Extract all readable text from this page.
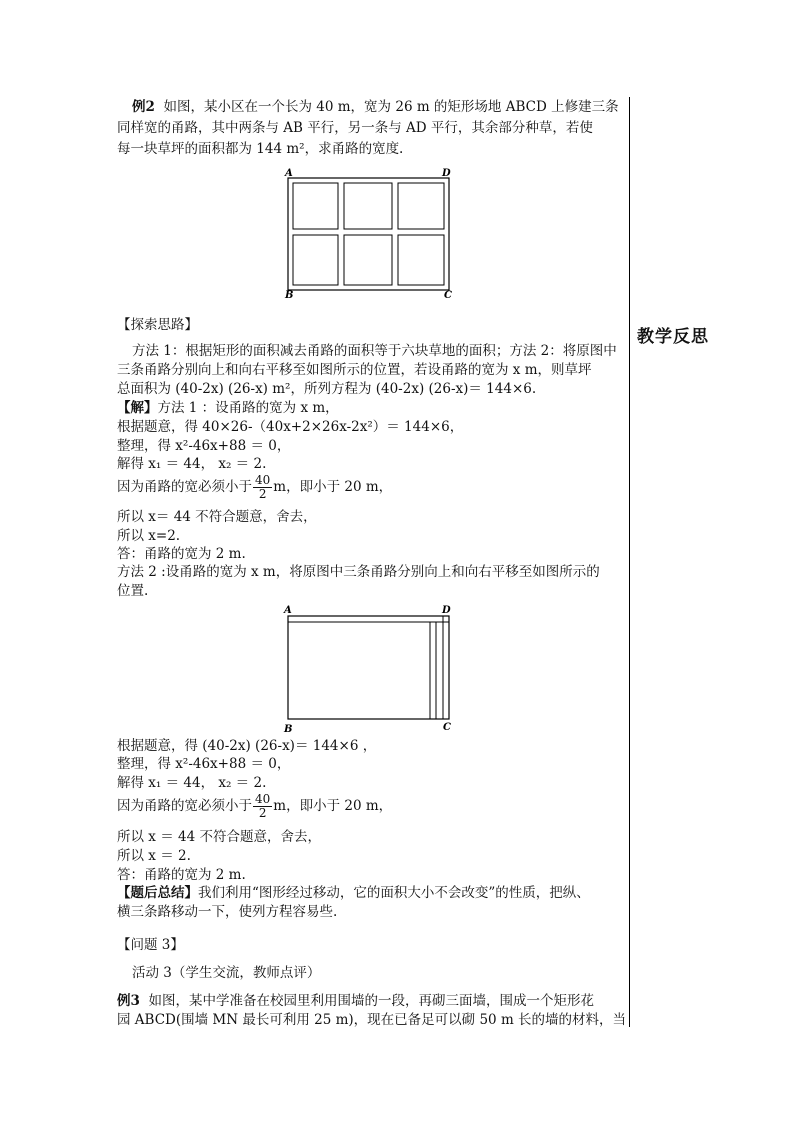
教学反思
例2 如图，某小区在一个长为 40 m，宽为 26 m 的矩形场地 ABCD 上修建三条
同样宽的甬路，其中两条与 AB 平行，另一条与 AD 平行，其余部分种草，若使
每一块草坪的面积都为 144 m²，求甬路的宽度.
A	D
B	C
【探索思路】
方法 1：根据矩形的面积减去甬路的面积等于六块草地的面积；方法 2：将原图中
三条甬路分别向上和向右平移至如图所示的位置，若设甬路的宽为 x m，则草坪
总面积为 (40-2x) (26-x) m²，所列方程为 (40-2x) (26-x)＝ 144×6.
【解】方法 1 ：设甬路的宽为 x m，
根据题意，得 40×26-（40x+2×26x-2x²）＝ 144×6，
整理，得 x²-46x+88 ＝ 0，
解得 x₁ ＝ 44， x₂ ＝ 2.
因为甬路的宽必须小于 $\frac{40}{2}$ m，即小于 20 m，
所以 x＝ 44 不符合题意，舍去，
所以 x=2.
答：甬路的宽为 2 m.
方法 2 :设甬路的宽为 x m，将原图中三条甬路分别向上和向右平移至如图所示的
位置.
A	D
B	C
根据题意，得 (40-2x) (26-x)＝ 144×6 ，
整理，得 x²-46x+88 ＝ 0，
解得 x₁ ＝ 44， x₂ ＝ 2.
因为甬路的宽必须小于 $\frac{40}{2}$ m，即小于 20 m，
所以 x ＝ 44 不符合题意，舍去，
所以 x ＝ 2.
答：甬路的宽为 2 m.
【题后总结】我们利用“图形经过移动，它的面积大小不会改变”的性质，把纵、
横三条路移动一下，使列方程容易些.
【问题 3】
活动 3（学生交流，教师点评）
例3 如图，某中学准备在校园里利用围墙的一段，再砌三面墙，围成一个矩形花
园 ABCD(围墙 MN 最长可利用 25 m)，现在已备足可以砌 50 m 长的墙的材料，当
